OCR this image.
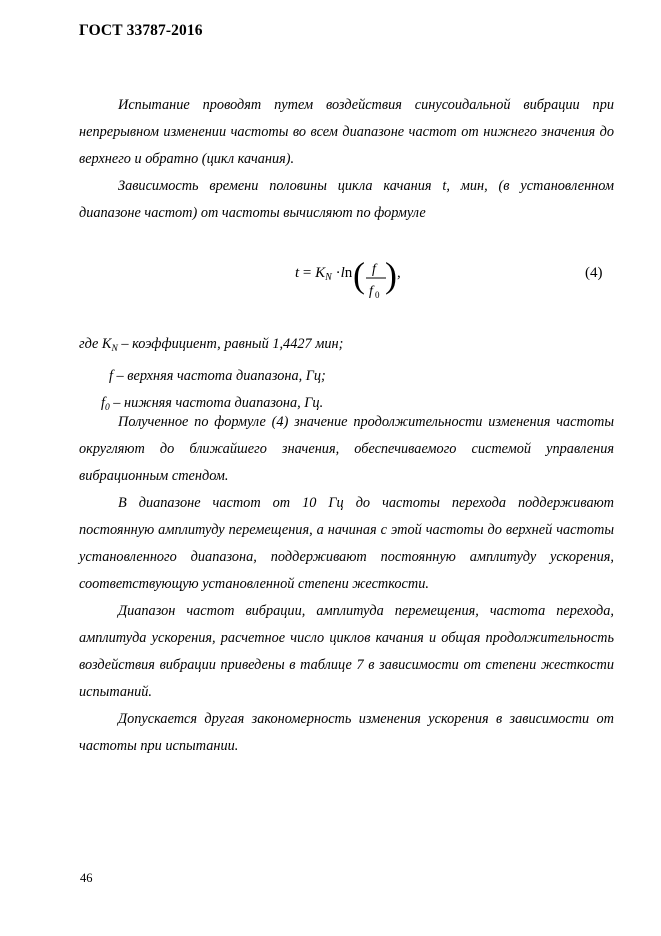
ГОСТ 33787-2016

Испытание проводят путем воздействия синусоидальной вибрации при непрерывном изменении частоты во всем диапазоне частот от нижнего значения до верхнего и обратно (цикл качания).

Зависимость времени половины цикла качания t, мин, (в установленном диапазоне частот) от частоты вычисляют по формуле

$t = K_N \cdot\ln$ ( f
f 0 ) ,	(4)
где $K_N$ – коэффициент, равный 1,4427 мин;
f – верхняя частота диапазона, Гц;
$f_0$ – нижняя частота диапазона, Гц.

Полученное по формуле (4) значение продолжительности изменения частоты округляют до ближайшего значения, обеспечиваемого системой управления вибрационным стендом.

В диапазоне частот от 10 Гц до частоты перехода поддерживают постоянную амплитуду перемещения, а начиная с этой частоты до верхней частоты установленного диапазона, поддерживают постоянную амплитуду ускорения, соответствующую установленной степени жесткости.

Диапазон частот вибрации, амплитуда перемещения, частота перехода, амплитуда ускорения, расчетное число циклов качания и общая продолжительность воздействия вибрации приведены в таблице 7 в зависимости от степени жесткости испытаний.

Допускается другая закономерность изменения ускорения в зависимости от частоты при испытании.

46
